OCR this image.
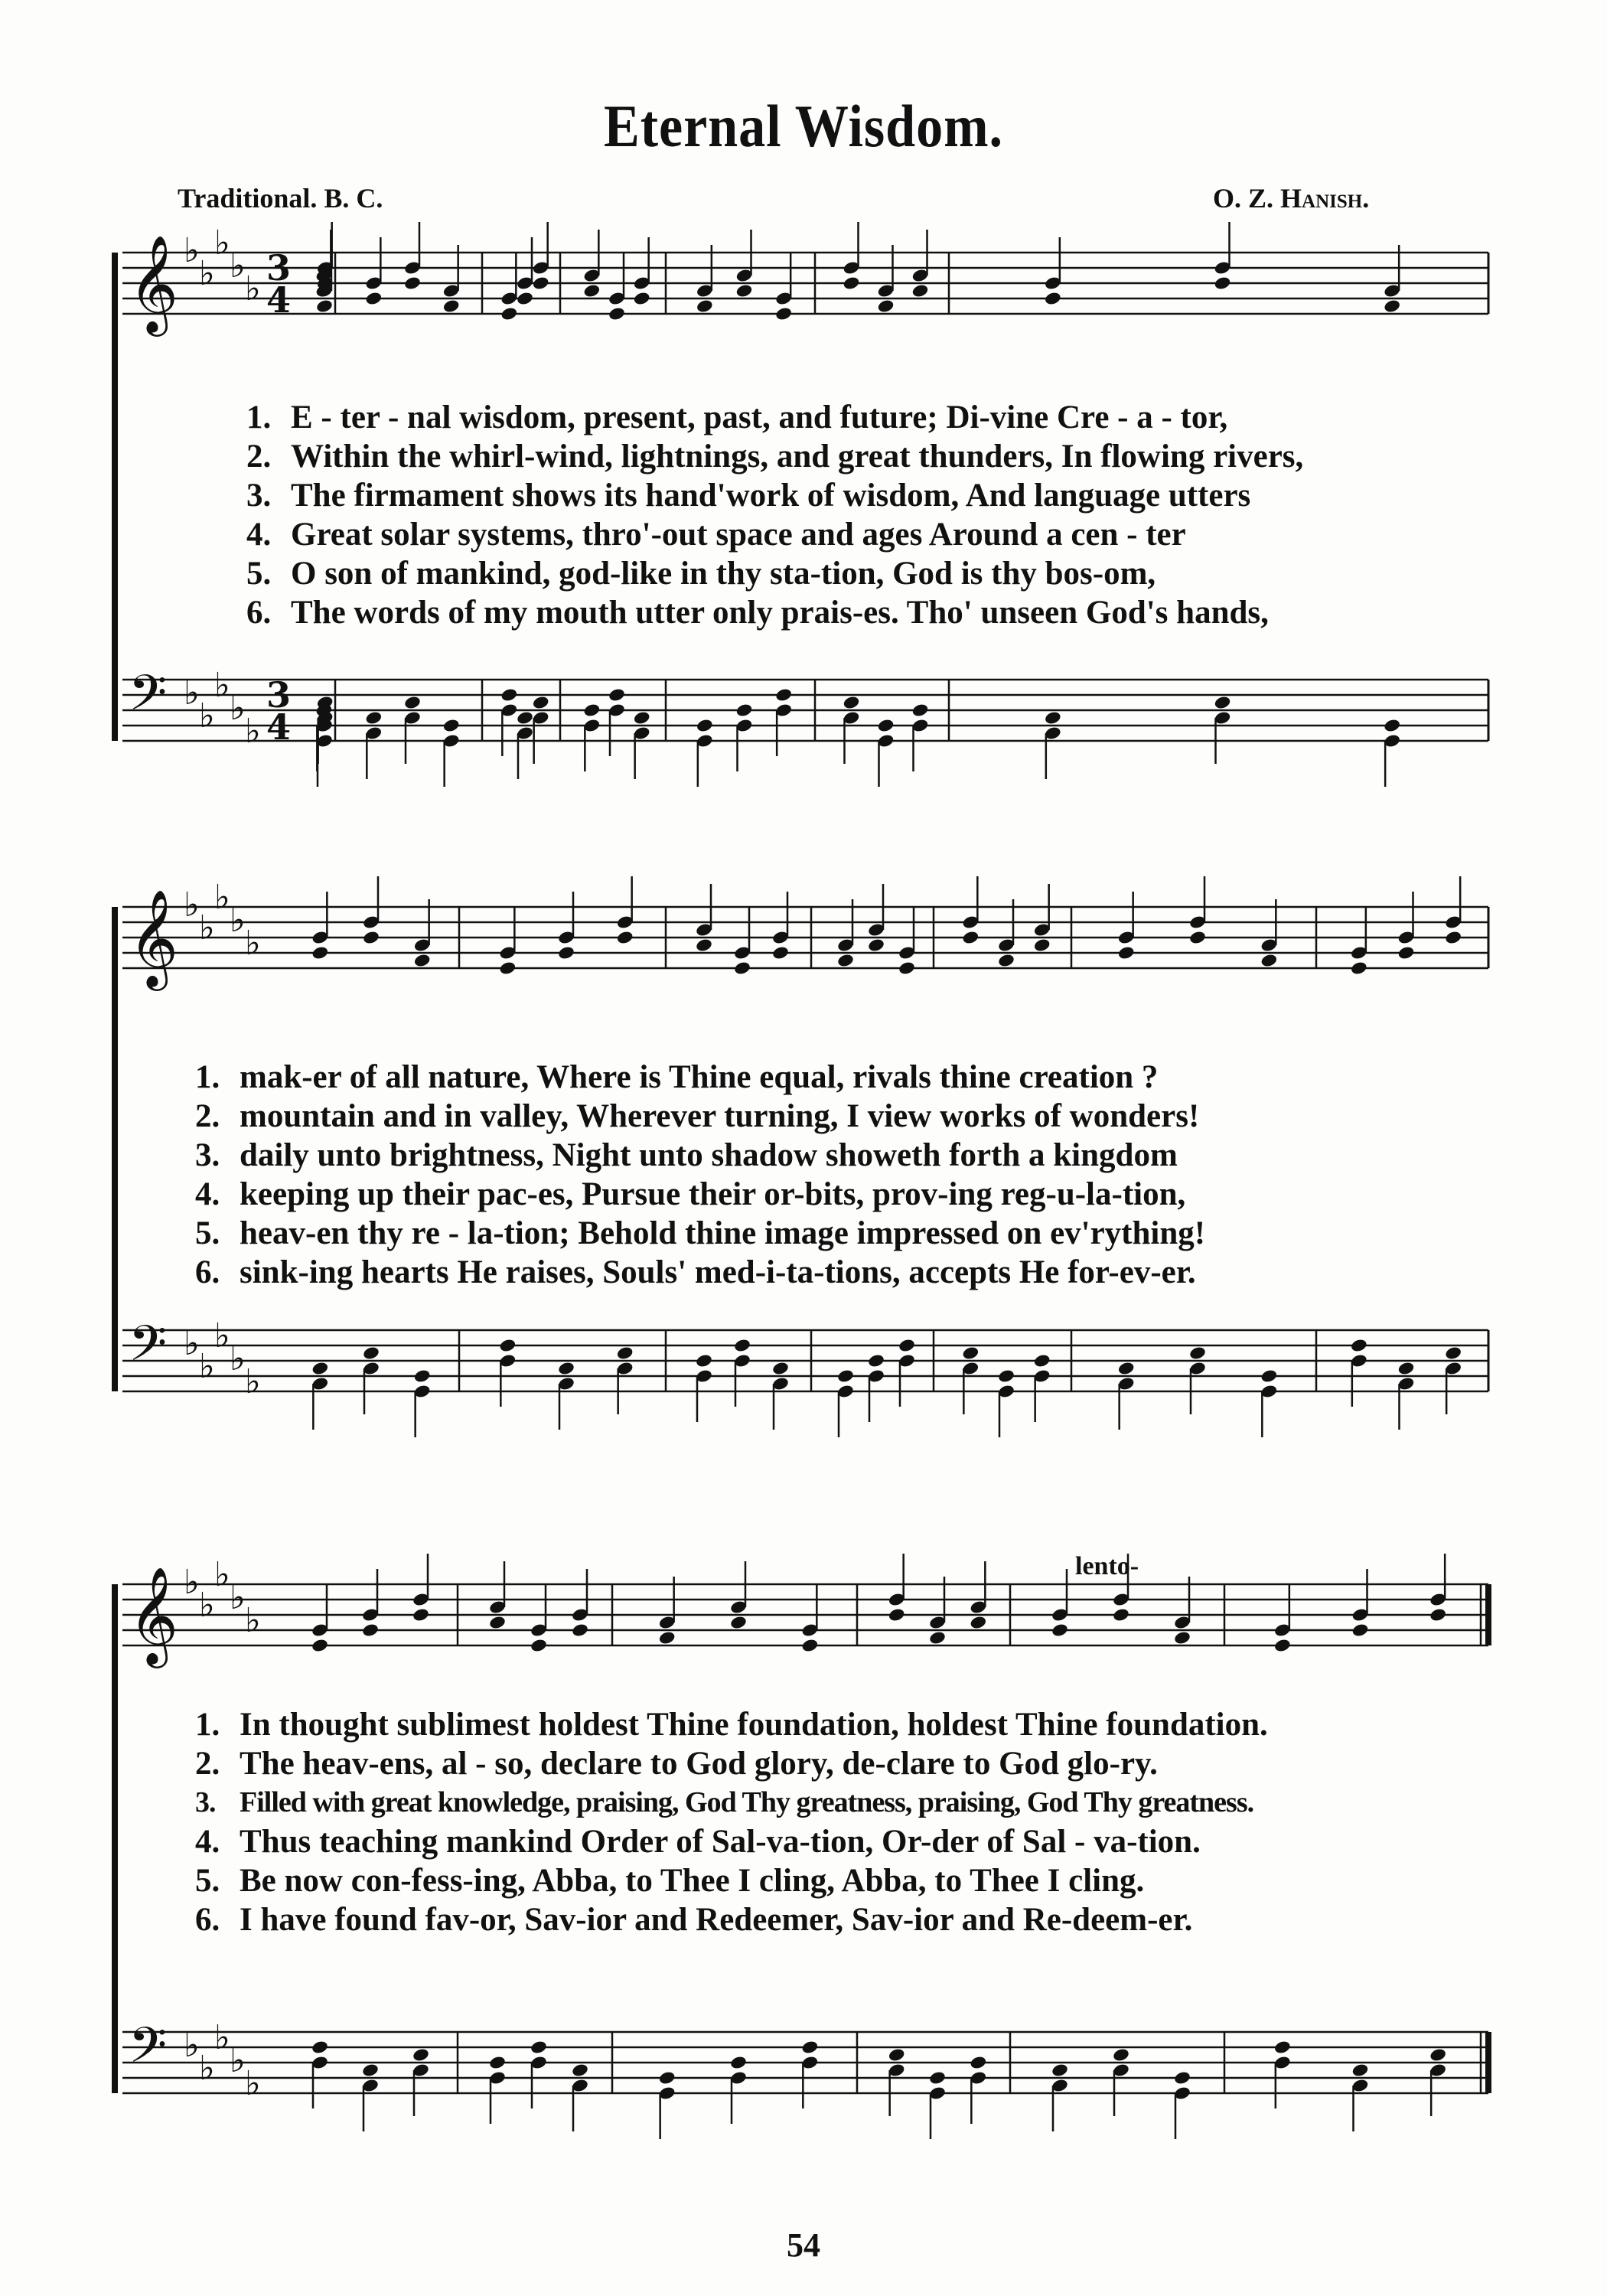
Eternal Wisdom.
Traditional. B. C.	O. Z. Hanish.
𝄞 ♭
♭
♭
♭
♭
3
4
1. E - ter - nal wisdom, present, past, and future; Di-vine Cre - a - tor,
2. Within the whirl-wind, lightnings, and great thunders, In flowing rivers,
3. The firmament shows its hand'work of wisdom, And language utters
4. Great solar systems, thro'-out space and ages Around a cen - ter
5. O son of mankind, god-like in thy sta-tion, God is thy bos-om,
6. The words of my mouth utter only prais-es. Tho' unseen God's hands,
𝄢 ♭
♭
♭
♭
♭
3
4
𝄞 ♭
♭
♭
♭
♭
1. mak-er of all nature, Where is Thine equal, rivals thine creation ?
2. mountain and in valley, Wherever turning, I view works of wonders!
3. daily unto brightness, Night unto shadow showeth forth a kingdom
4. keeping up their pac-es, Pursue their or-bits, prov-ing reg-u-la-tion,
5. heav-en thy re - la-tion; Behold thine image impressed on ev'rything!
6. sink-ing hearts He raises, Souls' med-i-ta-tions, accepts He for-ev-er.
𝄢 ♭
♭
♭
♭
♭
lento-
𝄞 ♭
♭
♭
♭
♭
1. In thought sublimest holdest Thine foundation, holdest Thine foundation.
2. The heav-ens, al - so, declare to God glory, de-clare to God glo-ry.
3. Filled with great knowledge, praising, God Thy greatness, praising, God Thy greatness.
4. Thus teaching mankind Order of Sal-va-tion, Or-der of Sal - va-tion.
5. Be now con-fess-ing, Abba, to Thee I cling, Abba, to Thee I cling.
6. I have found fav-or, Sav-ior and Redeemer, Sav-ior and Re-deem-er.
𝄢 ♭
♭
♭
♭
♭
54
